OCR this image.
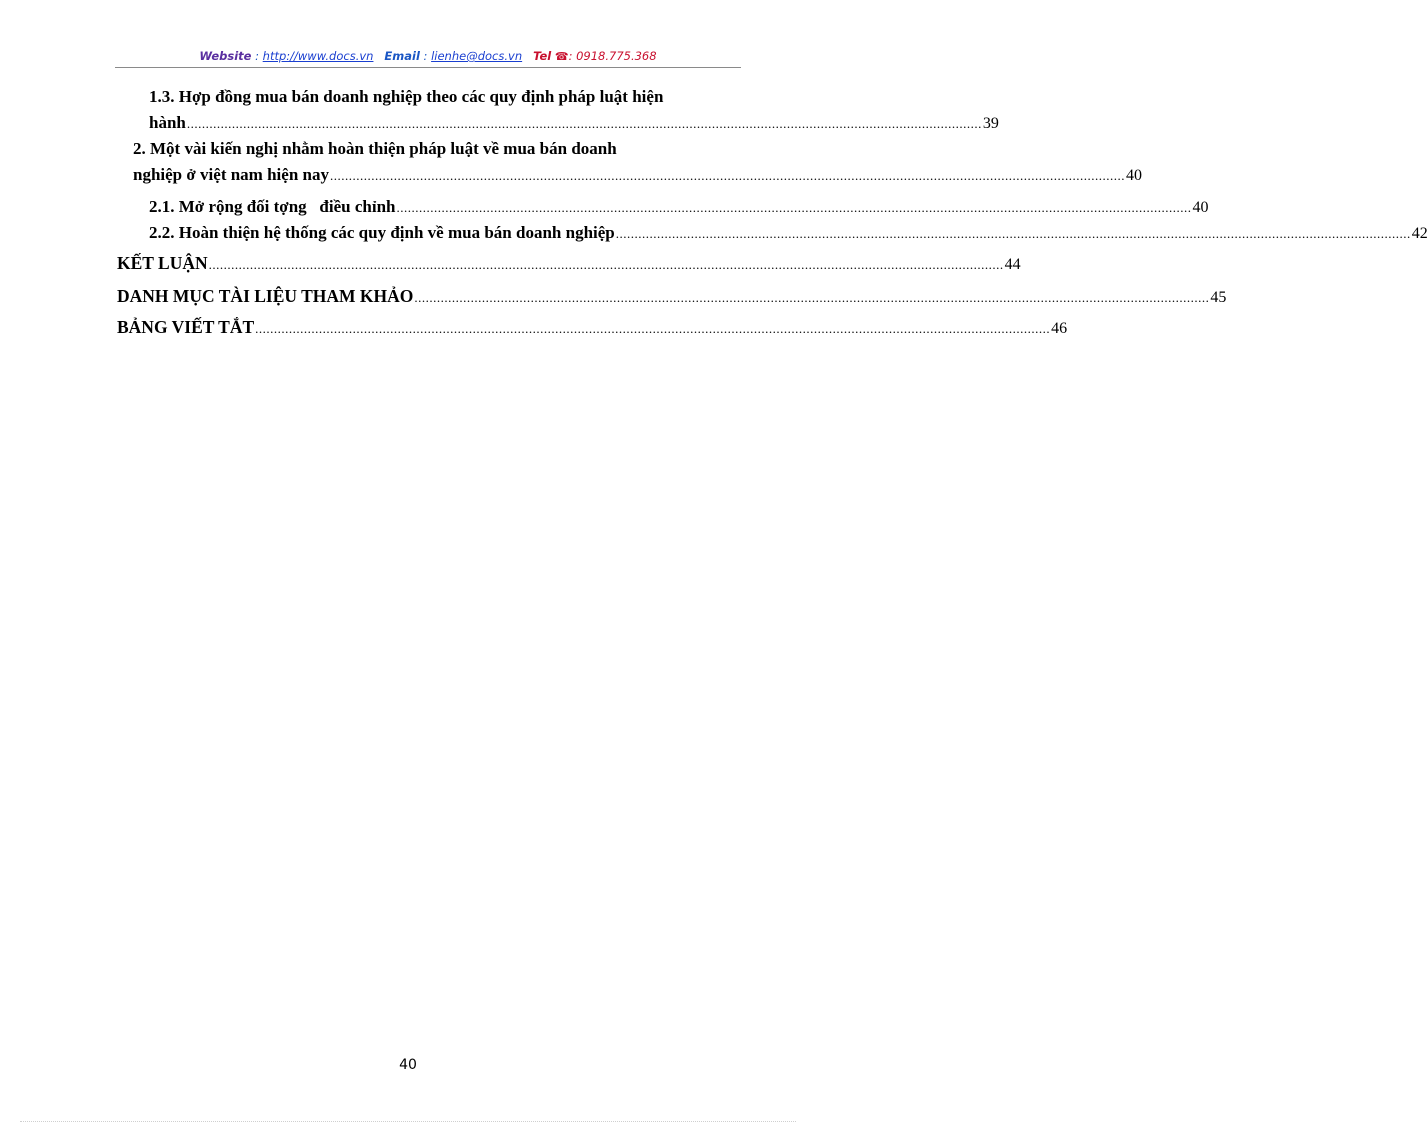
Website : http://www.docs.vn Email : lienhe@docs.vn Tel ☎: 0918.775.368
1.3. Hợp đồng mua bán doanh nghiệp theo các quy định pháp luật hiện
hành .................................................................................................................................................................................................................... 39
2. Một vài kiến nghị nhằm hoàn thiện pháp luật về mua bán doanh
nghiệp ở việt nam hiện nay .................................................................................................................................................................................................................... 40
2.1. Mở rộng đối tợng   điều chỉnh .................................................................................................................................................................................................................... 40
2.2. Hoàn thiện hệ thống các quy định về mua bán doanh nghiệp .................................................................................................................................................................................................................... 42
KẾT LUẬN .................................................................................................................................................................................................................... 44
DANH MỤC TÀI LIỆU THAM KHẢO .................................................................................................................................................................................................................... 45
BẢNG VIẾT TẮT .................................................................................................................................................................................................................... 46
40
